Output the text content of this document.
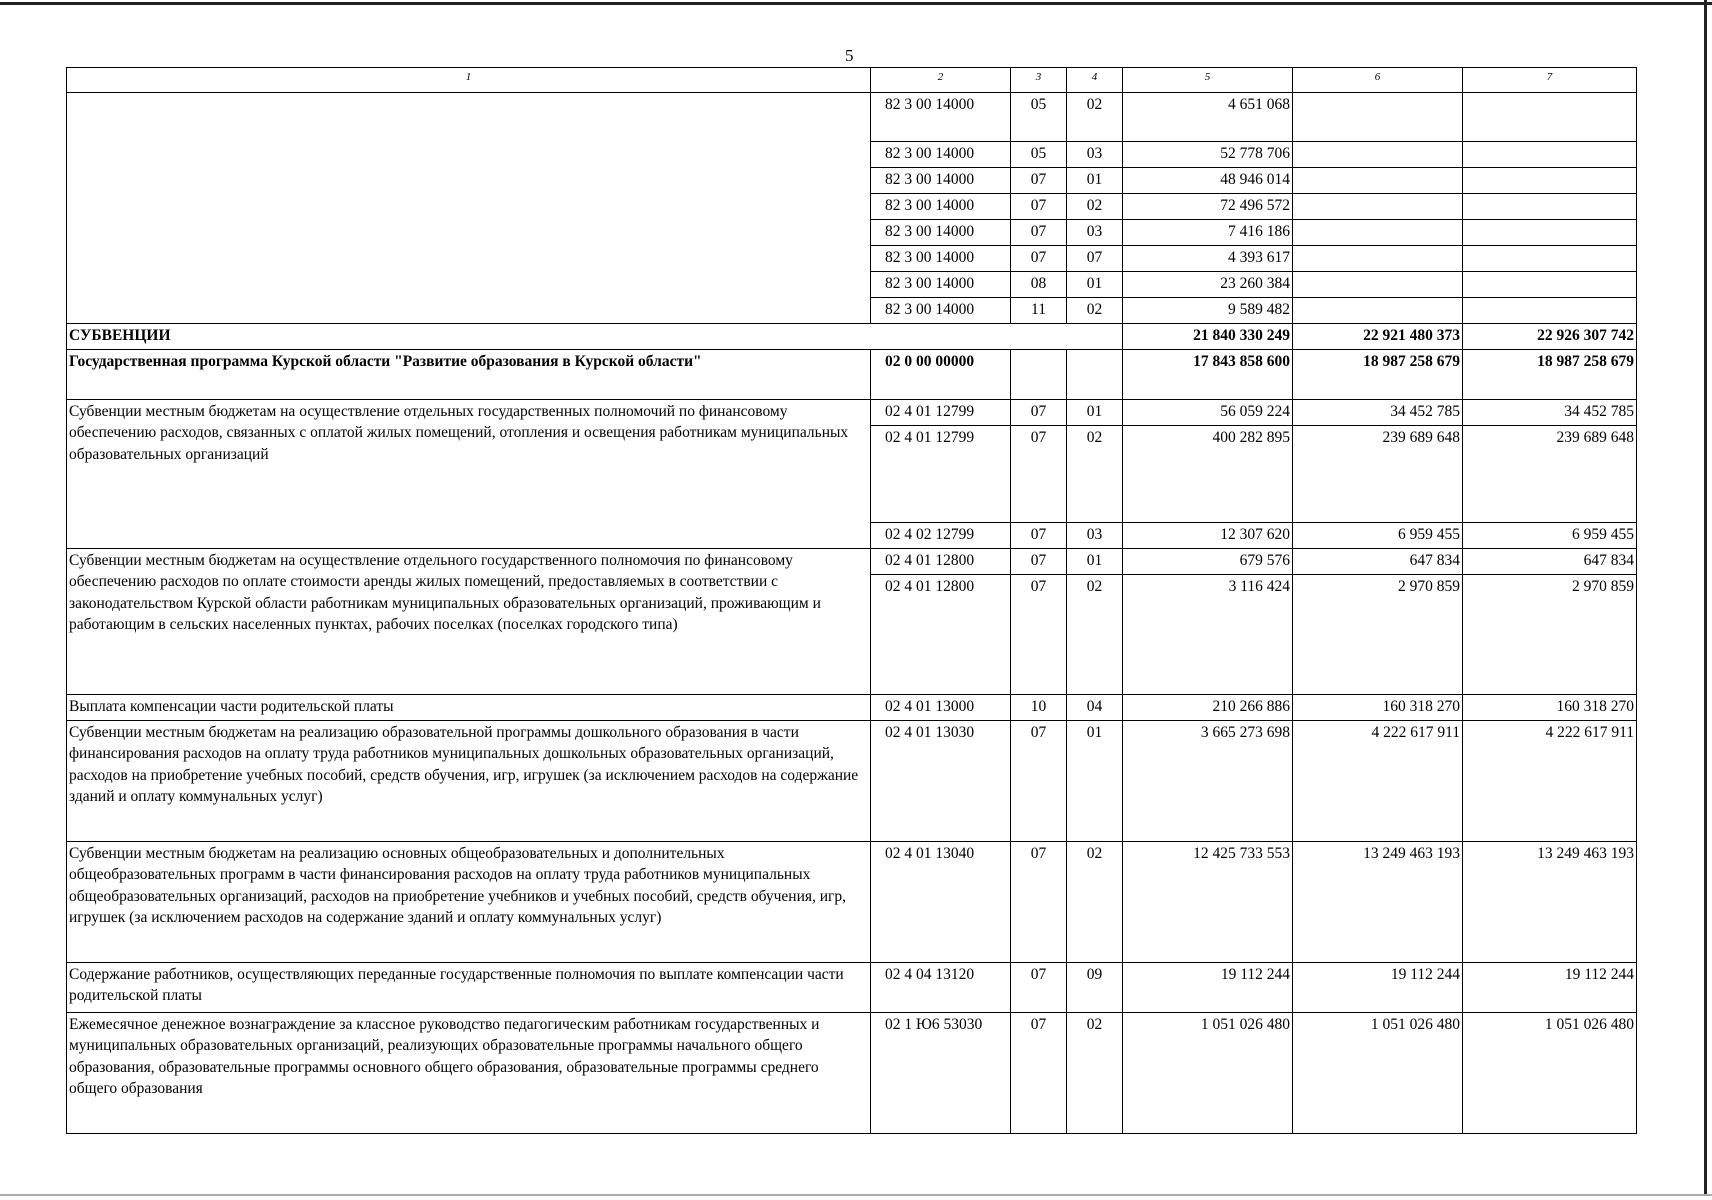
5
1	2	3	4	5	6	7
	82 3 00 14000	05	02	4 651 068		
	82 3 00 14000	05	03	52 778 706		
	82 3 00 14000	07	01	48 946 014		
	82 3 00 14000	07	02	72 496 572		
	82 3 00 14000	07	03	7 416 186		
	82 3 00 14000	07	07	4 393 617		
	82 3 00 14000	08	01	23 260 384		
	82 3 00 14000	11	02	9 589 482		
СУБВЕНЦИИ				21 840 330 249	22 921 480 373	22 926 307 742
Государственная программа Курской области "Развитие образования в Курской области"	02 0 00 00000			17 843 858 600	18 987 258 679	18 987 258 679
Субвенции местным бюджетам на осуществление отдельных государственных полномочий по финансовому обеспечению расходов, связанных с оплатой жилых помещений, отопления и освещения работникам муниципальных образовательных организаций	02 4 01 12799	07	01	56 059 224	34 452 785	34 452 785
	02 4 01 12799	07	02	400 282 895	239 689 648	239 689 648
	02 4 02 12799	07	03	12 307 620	6 959 455	6 959 455
Субвенции местным бюджетам на осуществление отдельного государственного полномочия по финансовому обеспечению расходов по оплате стоимости аренды жилых помещений, предоставляемых в соответствии с законодательством Курской области работникам муниципальных образовательных организаций, проживающим и работающим в сельских населенных пунктах, рабочих поселках (поселках городского типа)	02 4 01 12800	07	01	679 576	647 834	647 834
	02 4 01 12800	07	02	3 116 424	2 970 859	2 970 859
Выплата компенсации части родительской платы	02 4 01 13000	10	04	210 266 886	160 318 270	160 318 270
Субвенции местным бюджетам на реализацию образовательной программы дошкольного образования в части финансирования расходов на оплату труда работников муниципальных дошкольных образовательных организаций, расходов на приобретение учебных пособий, средств обучения, игр, игрушек (за исключением расходов на содержание зданий и оплату коммунальных услуг)	02 4 01 13030	07	01	3 665 273 698	4 222 617 911	4 222 617 911
Субвенции местным бюджетам на реализацию основных общеобразовательных и дополнительных общеобразовательных программ в части финансирования расходов на оплату труда работников муниципальных общеобразовательных организаций, расходов на приобретение учебников и учебных пособий, средств обучения, игр, игрушек (за исключением расходов на содержание зданий и оплату коммунальных услуг)	02 4 01 13040	07	02	12 425 733 553	13 249 463 193	13 249 463 193
Содержание работников, осуществляющих переданные государственные полномочия по выплате компенсации части родительской платы	02 4 04 13120	07	09	19 112 244	19 112 244	19 112 244
Ежемесячное денежное вознаграждение за классное руководство педагогическим работникам государственных и муниципальных образовательных организаций, реализующих образовательные программы начального общего образования, образовательные программы основного общего образования, образовательные программы среднего общего образования	02 1 Ю6 53030	07	02	1 051 026 480	1 051 026 480	1 051 026 480
